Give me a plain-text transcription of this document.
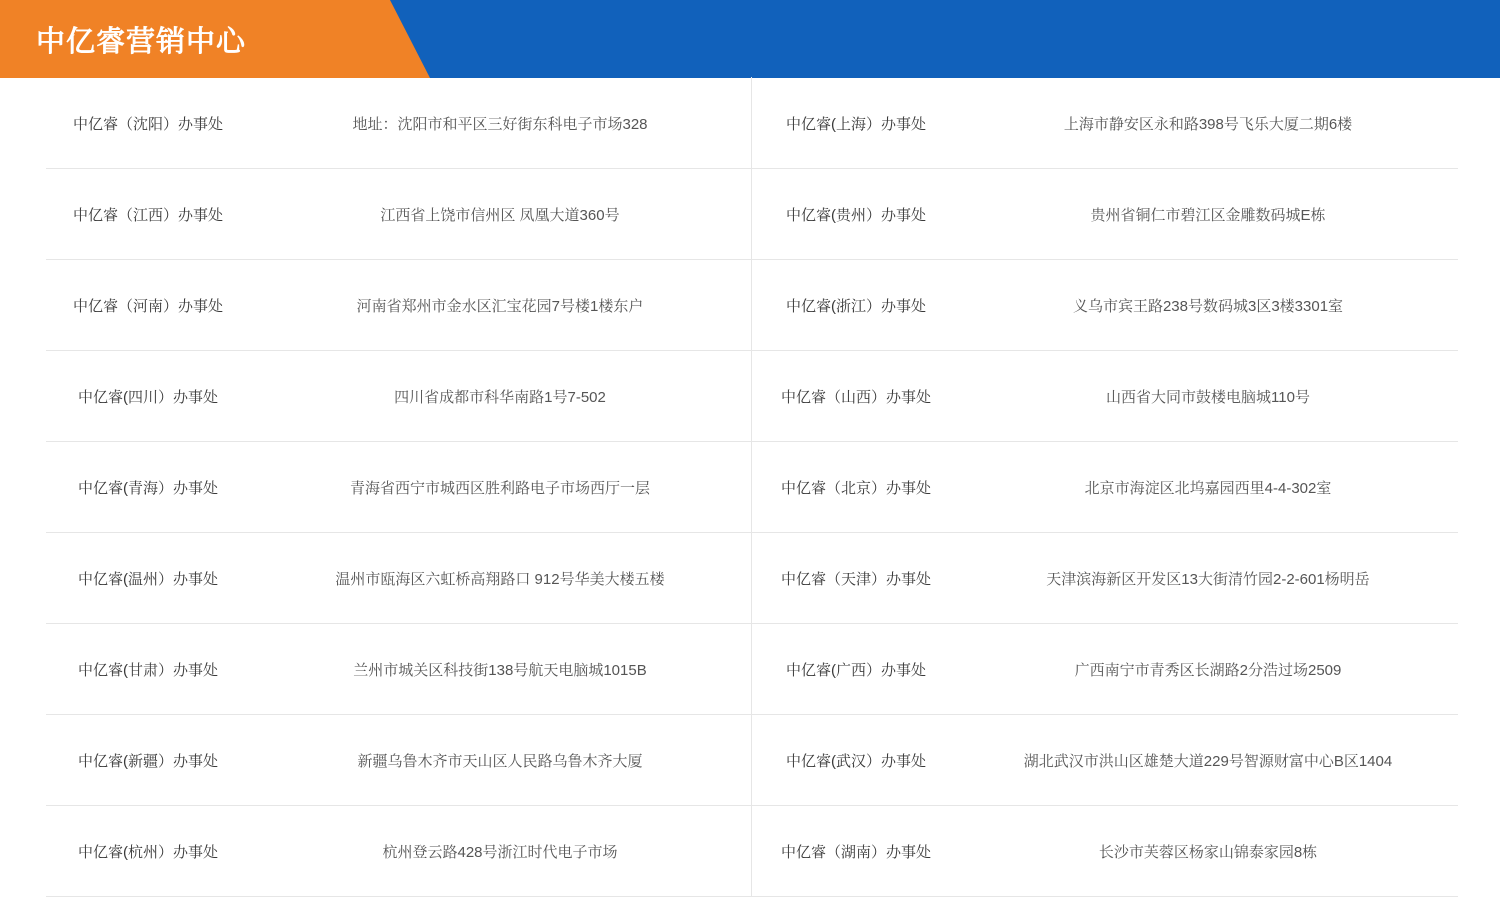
中亿睿营销中心
中亿睿（沈阳）办事处	地址：沈阳市和平区三好街东科电子市场328		中亿睿(上海）办事处	上海市静安区永和路398号飞乐大厦二期6楼
中亿睿（江西）办事处	江西省上饶市信州区 凤凰大道360号		中亿睿(贵州）办事处	贵州省铜仁市碧江区金雕数码城E栋
中亿睿（河南）办事处	河南省郑州市金水区汇宝花园7号楼1楼东户		中亿睿(浙江）办事处	义乌市宾王路238号数码城3区3楼3301室
中亿睿(四川）办事处	四川省成都市科华南路1号7-502		中亿睿（山西）办事处	山西省大同市鼓楼电脑城110号
中亿睿(青海）办事处	青海省西宁市城西区胜利路电子市场西厅一层		中亿睿（北京）办事处	北京市海淀区北坞嘉园西里4-4-302室
中亿睿(温州）办事处	温州市瓯海区六虹桥高翔路口 912号华美大楼五楼		中亿睿（天津）办事处	天津滨海新区开发区13大街清竹园2-2-601杨明岳
中亿睿(甘肃）办事处	兰州市城关区科技街138号航天电脑城1015B		中亿睿(广西）办事处	广西南宁市青秀区长湖路2分浩过场2509
中亿睿(新疆）办事处	新疆乌鲁木齐市天山区人民路乌鲁木齐大厦		中亿睿(武汉）办事处	湖北武汉市洪山区雄楚大道229号智源财富中心B区1404
中亿睿(杭州）办事处	杭州登云路428号浙江时代电子市场		中亿睿（湖南）办事处	长沙市芙蓉区杨家山锦泰家园8栋
